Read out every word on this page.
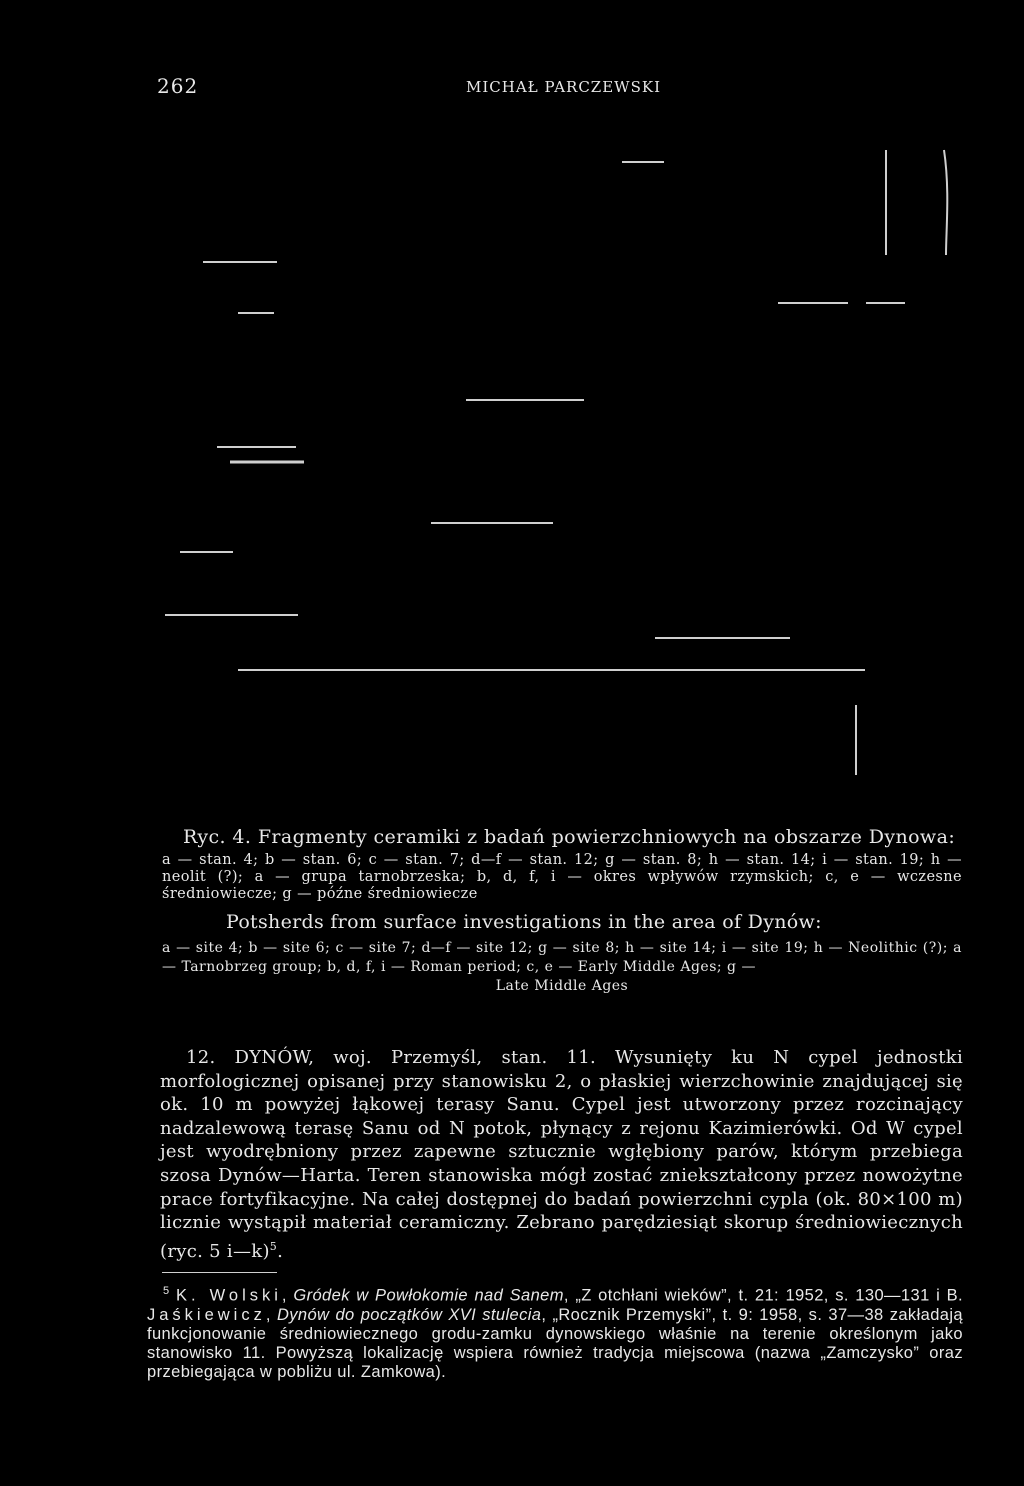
262	MICHAŁ PARCZEWSKI
Ryc. 4. Fragmenty ceramiki z badań powierzchniowych na obszarze Dynowa:
a — stan. 4; b — stan. 6; c — stan. 7; d—f — stan. 12; g — stan. 8; h — stan. 14; i — stan. 19; h — neolit (?); a — grupa tarnobrzeska; b, d, f, i — okres wpływów rzymskich; c, e — wczesne średniowiecze; g — późne średniowiecze
Potsherds from surface investigations in the area of Dynów:
a — site 4; b — site 6; c — site 7; d—f — site 12; g — site 8; h — site 14; i — site 19; h — Neolithic (?); a — Tarnobrzeg group; b, d, f, i — Roman period; c, e — Early Middle Ages; g —
Late Middle Ages

12. DYNÓW, woj. Przemyśl, stan. 11. Wysunięty ku N cypel jednostki morfologicznej opisanej przy stanowisku 2, o płaskiej wierzchowinie znajdującej się ok. 10 m powyżej łąkowej terasy Sanu. Cypel jest utworzony przez rozcinający nadzalewową terasę Sanu od N potok, płynący z rejonu Kazimierówki. Od W cypel jest wyodrębniony przez zapewne sztucznie wgłębiony parów, którym przebiega szosa Dynów—Harta. Teren stanowiska mógł zostać zniekształcony przez nowożytne prace fortyfikacyjne. Na całej dostępnej do badań powierzchni cypla (ok. 80×100 m) licznie wystąpił materiał ceramiczny. Zebrano parędziesiąt skorup średniowiecznych (ryc. 5 i—k)$^5$.

$^5$ K. Wolski, Gródek w Powłokomie nad Sanem, „Z otchłani wieków”, t. 21: 1952, s. 130—131 i B. Jaśkiewicz, Dynów do początków XVI stulecia, „Rocznik Przemyski”, t. 9: 1958, s. 37—38 zakładają funkcjonowanie średniowiecznego grodu-zamku dynowskiego właśnie na terenie określonym jako stanowisko 11. Powyższą lokalizację wspiera również tradycja miejscowa (nazwa „Zamczysko” oraz przebiegająca w pobliżu ul. Zamkowa).
